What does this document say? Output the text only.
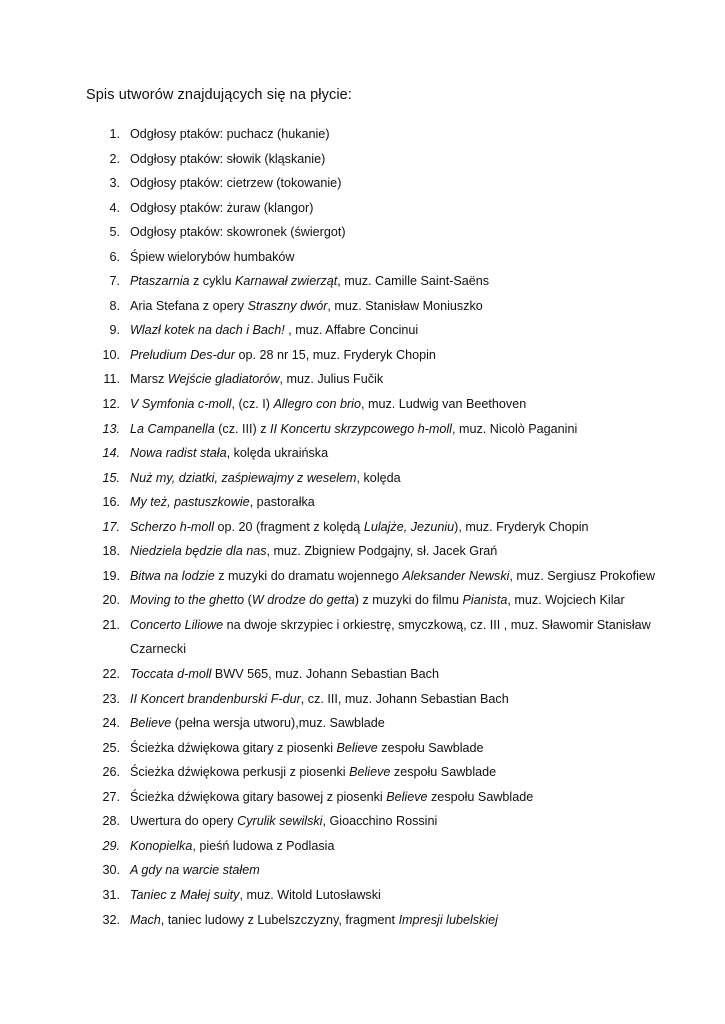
Spis utworów znajdujących się na płycie:
1. Odgłosy ptaków: puchacz (hukanie)
2. Odgłosy ptaków: słowik (kląskanie)
3. Odgłosy ptaków: cietrzew (tokowanie)
4. Odgłosy ptaków: żuraw (klangor)
5. Odgłosy ptaków: skowronek (świergot)
6. Śpiew wielorybów humbaków
7. Ptaszarnia z cyklu Karnawał zwierząt, muz. Camille Saint-Saëns
8. Aria Stefana z opery Straszny dwór, muz. Stanisław Moniuszko
9. Wlazł kotek na dach i Bach! , muz. Affabre Concinui
10. Preludium Des-dur op. 28 nr 15, muz. Fryderyk Chopin
11. Marsz Wejście gladiatorów, muz. Julius Fučik
12. V Symfonia c-moll, (cz. I) Allegro con brio, muz. Ludwig van Beethoven
13. La Campanella (cz. III) z II Koncertu skrzypcowego h-moll, muz. Nicolò Paganini
14. Nowa radist stała, kolęda ukraińska
15. Nuż my, dziatki, zaśpiewajmy z weselem, kolęda
16. My też, pastuszkowie, pastorałka
17. Scherzo h-moll op. 20 (fragment z kolędą Lulajże, Jezuniu), muz. Fryderyk Chopin
18. Niedziela będzie dla nas, muz. Zbigniew Podgajny, sł. Jacek Grań
19. Bitwa na lodzie z muzyki do dramatu wojennego Aleksander Newski, muz. Sergiusz Prokofiew
20. Moving to the ghetto (W drodze do getta) z muzyki do filmu Pianista, muz. Wojciech Kilar
21. Concerto Liliowe na dwoje skrzypiec i orkiestrę, smyczkową, cz. III , muz. Sławomir Stanisław Czarnecki
22. Toccata d-moll BWV 565, muz. Johann Sebastian Bach
23. II Koncert brandenburski F-dur, cz. III, muz. Johann Sebastian Bach
24. Believe (pełna wersja utworu),muz. Sawblade
25. Ścieżka dźwiękowa gitary z piosenki Believe zespołu Sawblade
26. Ścieżka dźwiękowa perkusji z piosenki Believe zespołu Sawblade
27. Ścieżka dźwiękowa gitary basowej z piosenki Believe zespołu Sawblade
28. Uwertura do opery Cyrulik sewilski, Gioacchino Rossini
29. Konopielka, pieśń ludowa z Podlasia
30. A gdy na warcie stałem
31. Taniec z Małej suity, muz. Witold Lutosławski
32. Mach, taniec ludowy z Lubelszczyzny, fragment Impresji lubelskiej
